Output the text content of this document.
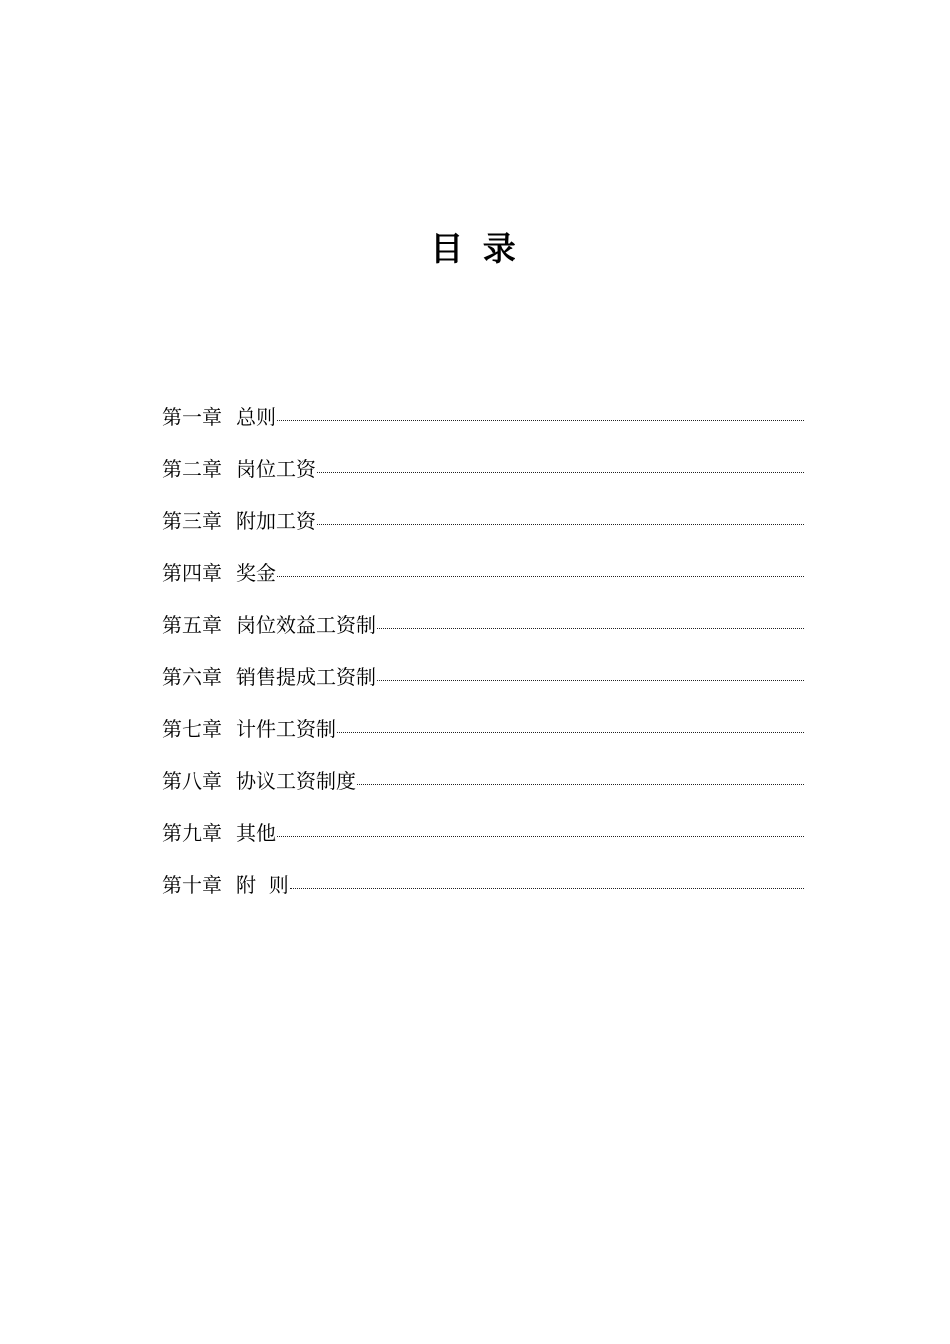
目 录
第一章 总则
第二章 岗位工资
第三章 附加工资
第四章 奖金
第五章 岗位效益工资制
第六章 销售提成工资制
第七章 计件工资制
第八章 协议工资制度
第九章 其他
第十章 附  则
